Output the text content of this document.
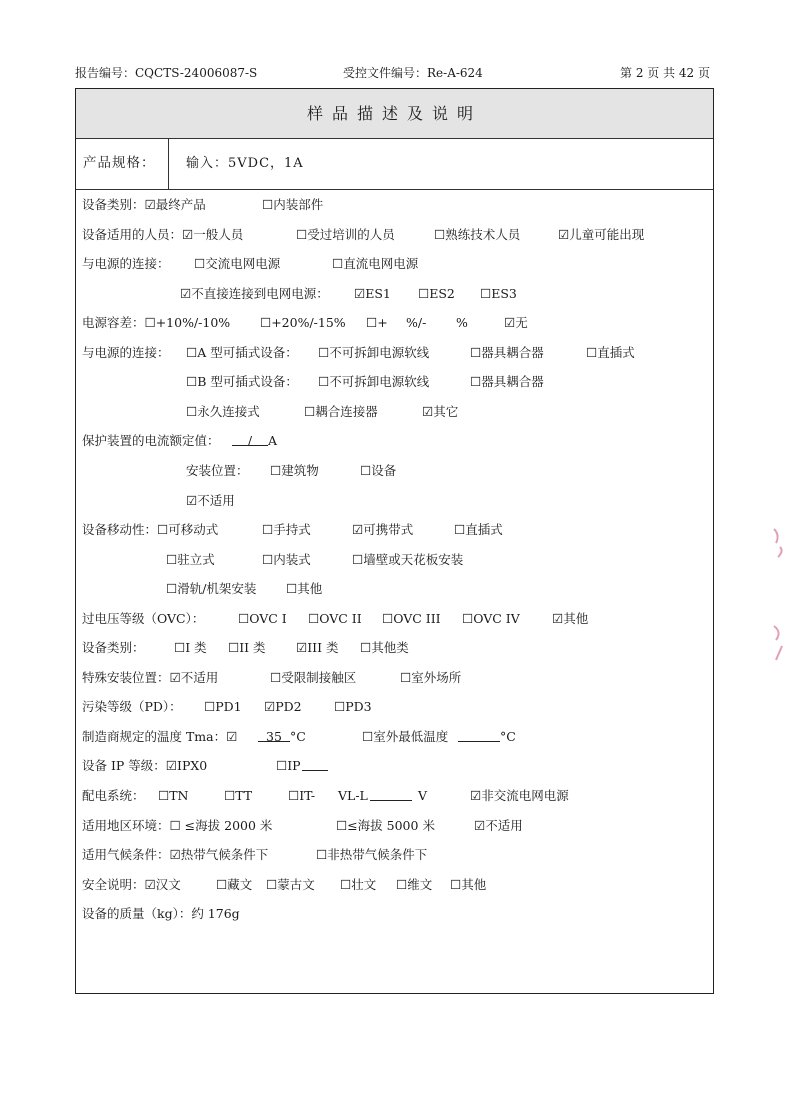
报告编号：CQCTS-24006087-S	受控文件编号：Re-A-624	第 2 页 共 42 页
样品描述及说明
产品规格：	输入：5VDC，1A
设备类别：☑最终产品	☐内装部件
设备适用的人员：☑一般人员	☐受过培训的人员	☐熟练技术人员	☑儿童可能出现
与电源的连接： ☐交流电网电源	☐直流电网电源
☑不直接连接到电网电源： ☑ES1 ☐ES2 ☐ES3
电源容差：☐+10%/-10% ☐+20%/-15% ☐+ %/- %	☑无
与电源的连接： ☐A 型可插式设备： ☐不可拆卸电源软线	☐器具耦合器	☐直插式
☐B 型可插式设备： ☐不可拆卸电源软线	☐器具耦合器
☐永久连接式	☐耦合连接器	☑其它
保护装置的电流额定值：	/	A
安装位置： ☐建筑物	☐设备
☑不适用
设备移动性：☐可移动式	☐手持式	☑可携带式	☐直插式
☐驻立式	☐内装式	☐墙壁或天花板安装
☐滑轨/机架安装 ☐其他
过电压等级（OVC）：	☐OVC I ☐OVC II ☐OVC III ☐OVC IV	☑其他
设备类别： ☐I 类 ☐II 类 ☑III 类 ☐其他类
特殊安装位置：☑不适用	☐受限制接触区	☐室外场所
污染等级（PD）： ☐PD1 ☑PD2	☐PD3
制造商规定的温度 Tma：☑	35 °C	☐室外最低温度	°C
设备 IP 等级：☑IPX0	☐IP
配电系统： ☐TN	☐TT	☐IT- VL-L	V	☑非交流电网电源
适用地区环境：☐ ≤海拔 2000 米	☐≤海拔 5000 米	☑不适用
适用气候条件：☑热带气候条件下	☐非热带气候条件下
安全说明：☑汉文	☐藏文 ☐蒙古文 ☐壮文 ☐维文 ☐其他
设备的质量（kg）：约 176g
